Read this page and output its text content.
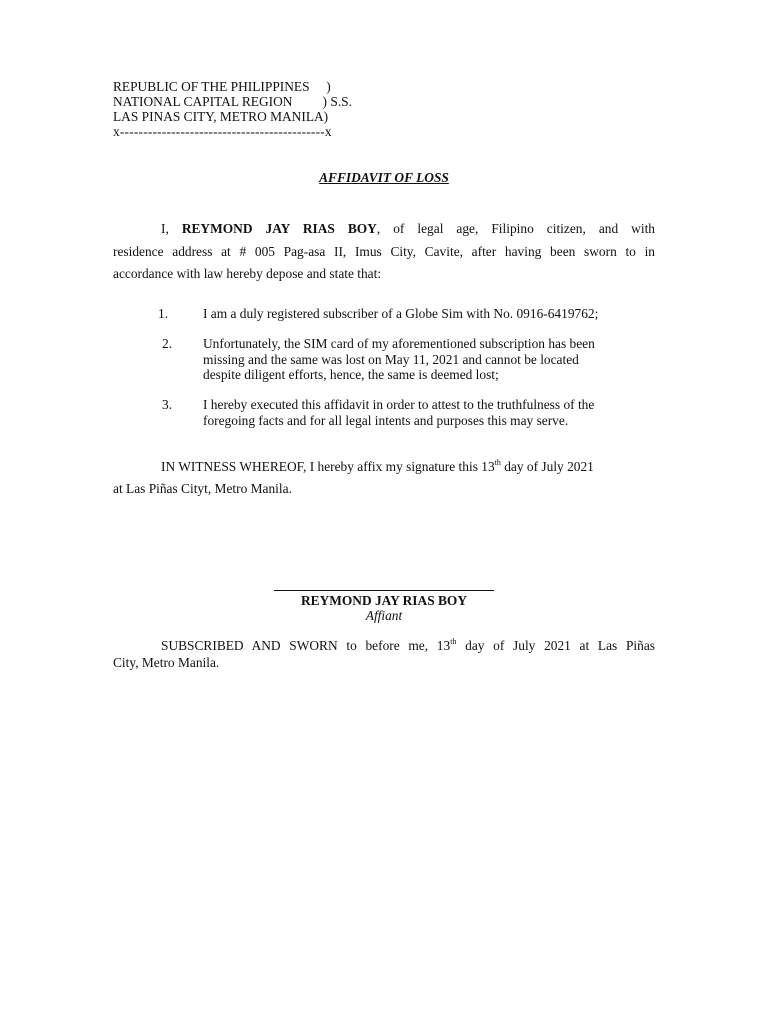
REPUBLIC OF THE PHILIPPINES     )
NATIONAL CAPITAL REGION         ) S.S.
LAS PINAS CITY, METRO MANILA)
x--------------------------------------------x
AFFIDAVIT OF LOSS
I, REYMOND JAY RIAS BOY, of legal age, Filipino citizen, and with
residence address at # 005 Pag-asa II, Imus City, Cavite, after having been sworn to in
accordance with law hereby depose and state that:
1.	I am a duly registered subscriber of a Globe Sim with No. 0916-6419762;
2. Unfortunately, the SIM card of my aforementioned subscription has been
missing and the same was lost on May 11, 2021 and cannot be located
despite diligent efforts, hence, the same is deemed lost;
3. I hereby executed this affidavit in order to attest to the truthfulness of the
foregoing facts and for all legal intents and purposes this may serve.
IN WITNESS WHEREOF, I hereby affix my signature this 13th day of July 2021
at Las Piñas Cityt, Metro Manila.
REYMOND JAY RIAS BOY
Affiant
SUBSCRIBED AND SWORN to before me, 13th day of July 2021 at Las Piñas
City, Metro Manila.
